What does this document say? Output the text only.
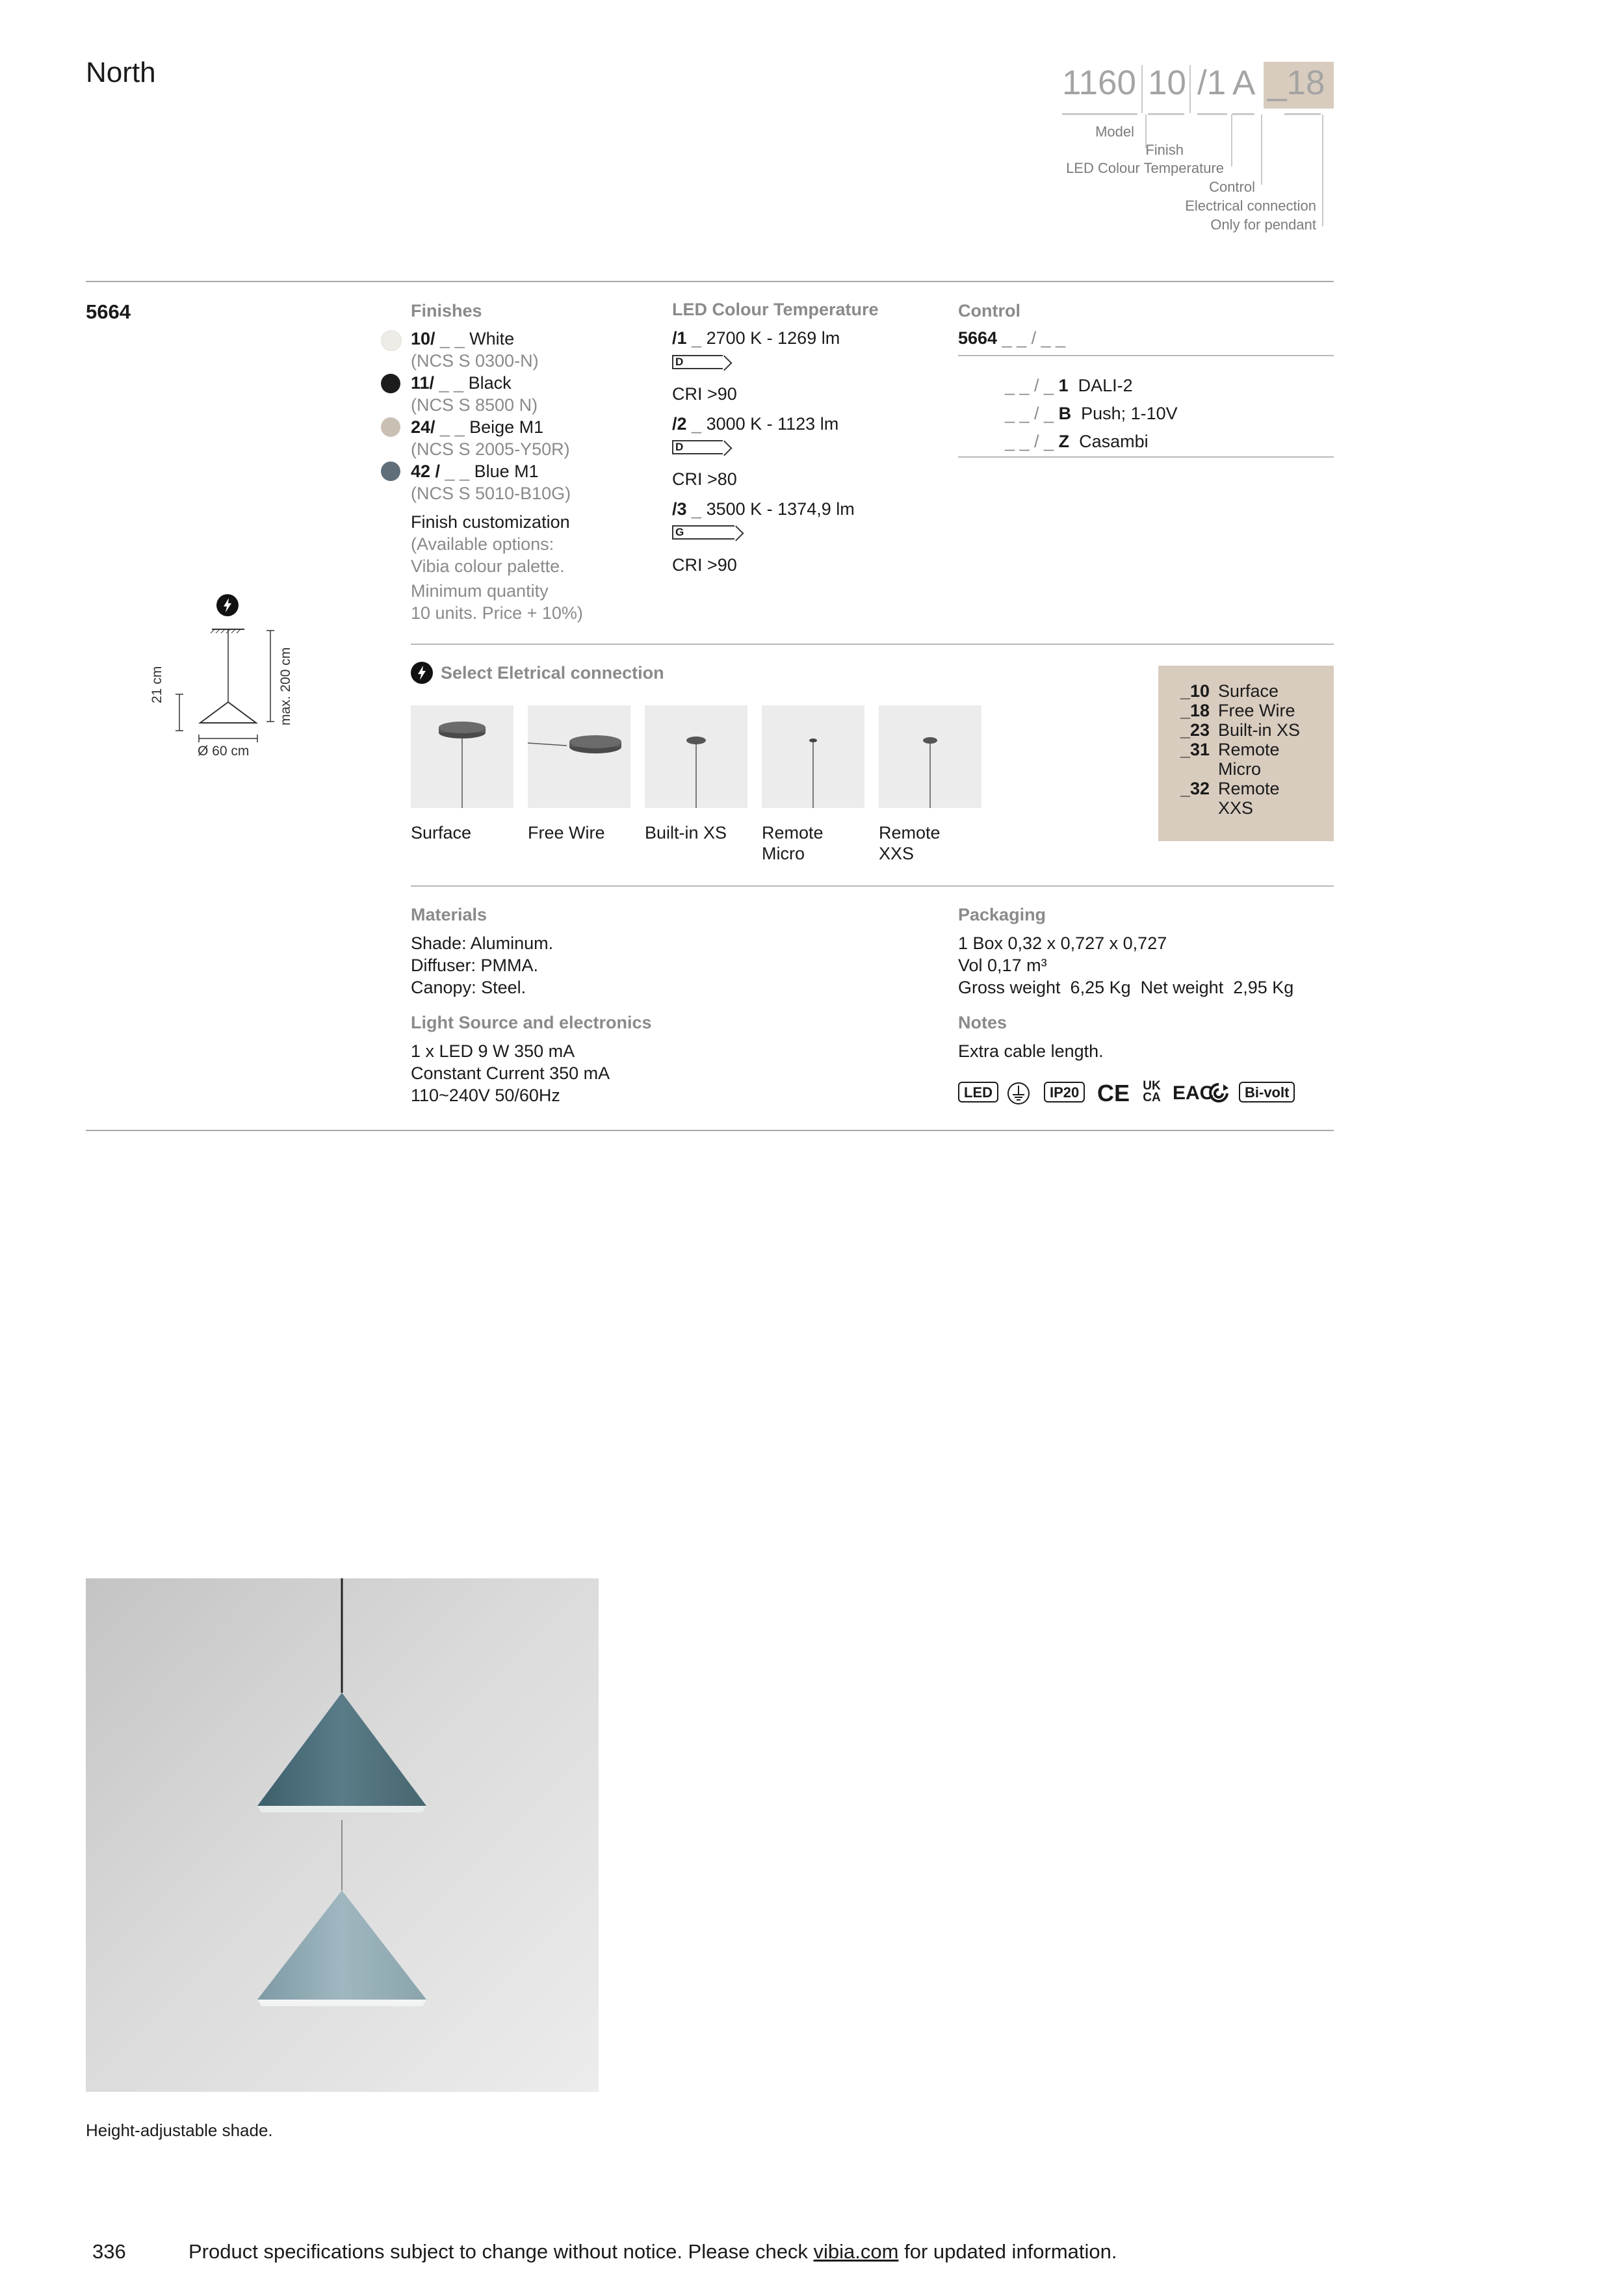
North	1160 10 /1 A _18
Model
Finish
LED Colour Temperature
Control
Electrical connection
Only for pendant
5664
21 cm	max. 200 cm
Ø 60 cm
Finishes
10/ _ _ White
(NCS S 0300-N)
11/ _ _ Black
(NCS S 8500 N)
24/ _ _ Beige M1
(NCS S 2005-Y50R)
42 / _ _ Blue M1
(NCS S 5010-B10G)
Finish customization
(Available options:
Vibia colour palette.
Minimum quantity
10 units. Price + 10%)
LED Colour Temperature
/1 _ 2700 K - 1269 lm
D
CRI >90
/2 _ 3000 K - 1123 lm
D
CRI >80
/3 _ 3500 K - 1374,9 lm
G
CRI >90
Control
5664 _ _ / _ _
_ _ / _ 1 DALI-2
_ _ / _ B Push; 1-10V
_ _ / _ Z Casambi
Select Eletrical connection
Surface	Free Wire Built-in XS Remote
Micro
Remote
XXS
_10 Surface
_18 Free Wire
_23 Built-in XS
_31 Remote
Micro
_32 Remote
XXS
Materials
Shade: Aluminum.
Diffuser: PMMA.
Canopy: Steel.
Light Source and electronics
1 x LED 9 W 350 mA
Constant Current 350 mA
110~240V 50/60Hz
Packaging
1 Box 0,32 x 0,727 x 0,727
Vol 0,17 m³
Gross weight  6,25 Kg  Net weight  2,95 Kg
Notes
Extra cable length.
LED	IP20 CE UK
CA EAC	Bi-volt
Height-adjustable shade.
336	Product specifications subject to change without notice. Please check vibia.com for updated information.
